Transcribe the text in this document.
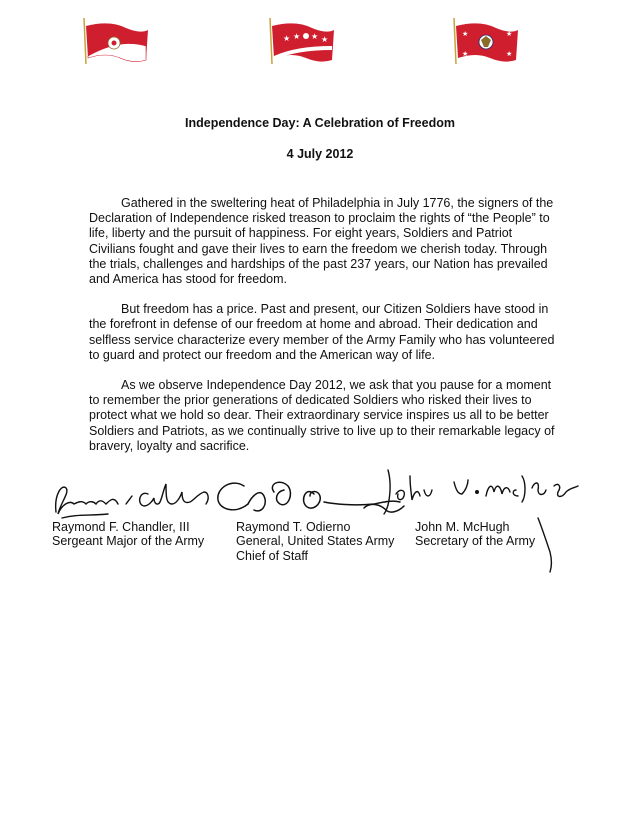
★ ★ ★ ★
★	★
★	★
Independence Day: A Celebration of Freedom
4 July 2012

Gathered in the sweltering heat of Philadelphia in July 1776, the signers of the Declaration of Independence risked treason to proclaim the rights of “the People” to life, liberty and the pursuit of happiness. For eight years, Soldiers and Patriot Civilians fought and gave their lives to earn the freedom we cherish today. Through the trials, challenges and hardships of the past 237 years, our Nation has prevailed and America has stood for freedom.

But freedom has a price. Past and present, our Citizen Soldiers have stood in the forefront in defense of our freedom at home and abroad. Their dedication and selfless service characterize every member of the Army Family who has volunteered to guard and protect our freedom and the American way of life.

As we observe Independence Day 2012, we ask that you pause for a moment to remember the prior generations of dedicated Soldiers who risked their lives to protect what we hold so dear. Their extraordinary service inspires us all to be better Soldiers and Patriots, as we continually strive to live up to their remarkable legacy of bravery, loyalty and sacrifice.

Raymond F. Chandler, III
Sergeant Major of the Army
Raymond T. Odierno
General, United States Army
Chief of Staff
John M. McHugh
Secretary of the Army
